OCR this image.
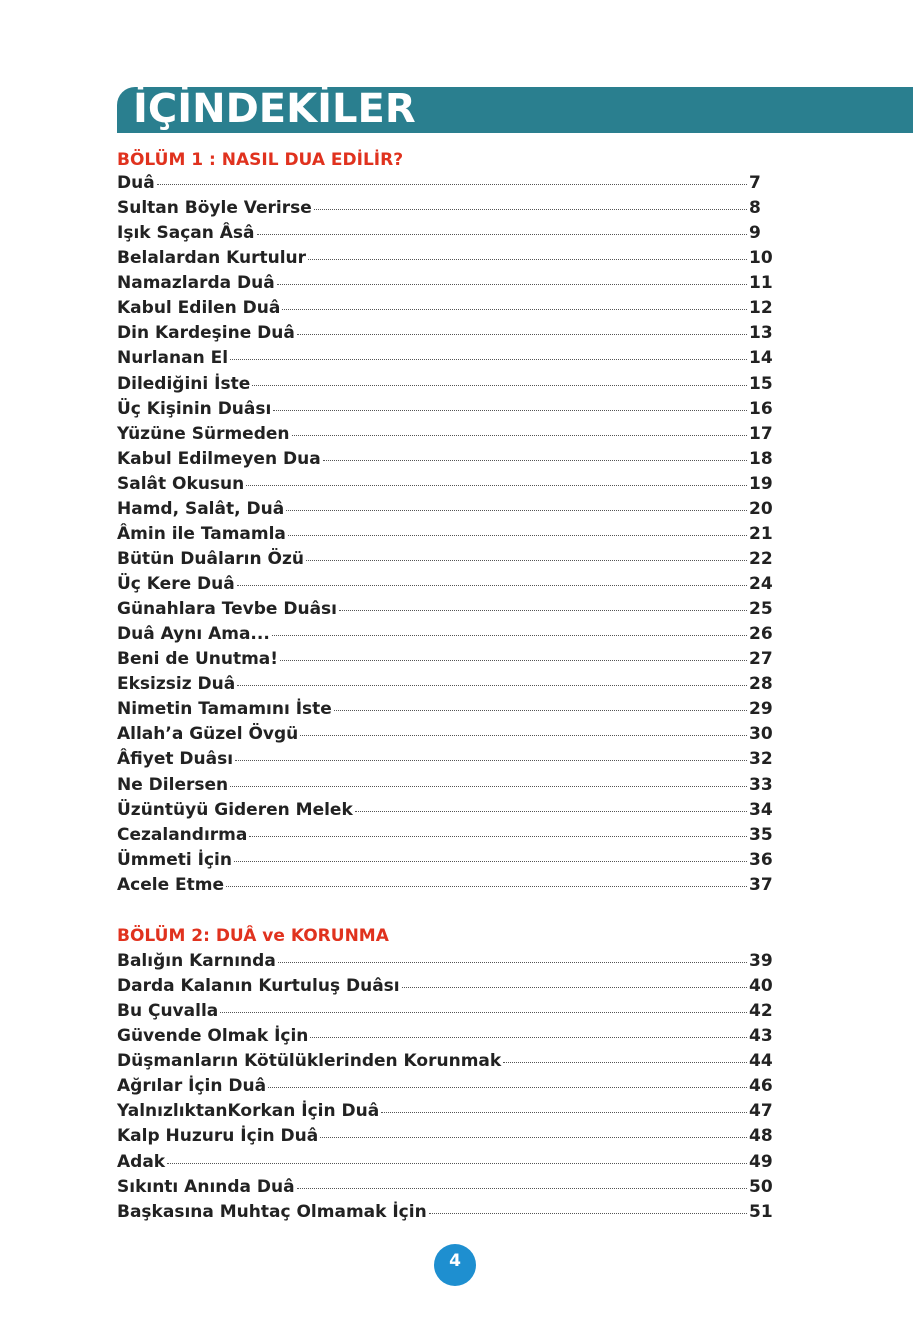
İÇİNDEKİLER
BÖLÜM 1 : NASIL DUA EDİLİR?
Duâ	7
Sultan Böyle Verirse	8
Işık Saçan Âsâ	9
Belalardan Kurtulur	10
Namazlarda Duâ	11
Kabul Edilen Duâ	12
Din Kardeşine Duâ	13
Nurlanan El	14
Dilediğini İste	15
Üç Kişinin Duâsı	16
Yüzüne Sürmeden	17
Kabul Edilmeyen Dua	18
Salât Okusun	19
Hamd, Salât, Duâ	20
Âmin ile Tamamla	21
Bütün Duâların Özü	22
Üç Kere Duâ	24
Günahlara Tevbe Duâsı	25
Duâ Aynı Ama...	26
Beni de Unutma!	27
Eksizsiz Duâ	28
Nimetin Tamamını İste	29
Allah’a Güzel Övgü	30
Âfiyet Duâsı	32
Ne Dilersen	33
Üzüntüyü Gideren Melek	34
Cezalandırma	35
Ümmeti İçin	36
Acele Etme	37
BÖLÜM 2: DUÂ ve KORUNMA
Balığın Karnında	39
Darda Kalanın Kurtuluş Duâsı	40
Bu Çuvalla	42
Güvende Olmak İçin	43
Düşmanların Kötülüklerinden Korunmak	44
Ağrılar İçin Duâ	46
YalnızlıktanKorkan İçin Duâ	47
Kalp Huzuru İçin Duâ	48
Adak	49
Sıkıntı Anında Duâ	50
Başkasına Muhtaç Olmamak İçin	51
4
